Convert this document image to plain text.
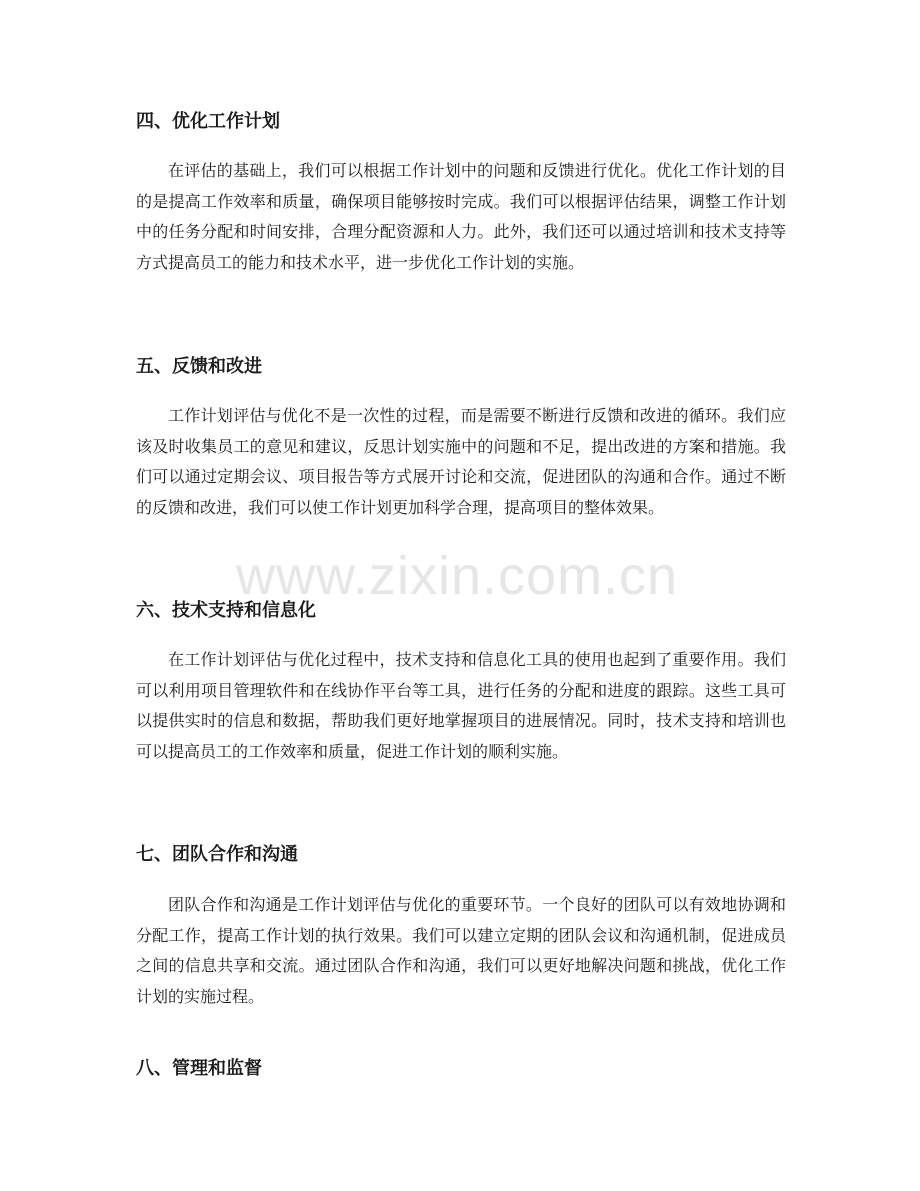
www.zixin.com.cn
四、优化工作计划

在评估的基础上，我们可以根据工作计划中的问题和反馈进行优化。优化工作计划的目的是提高工作效率和质量，确保项目能够按时完成。我们可以根据评估结果，调整工作计划中的任务分配和时间安排，合理分配资源和人力。此外，我们还可以通过培训和技术支持等方式提高员工的能力和技术水平，进一步优化工作计划的实施。

五、反馈和改进

工作计划评估与优化不是一次性的过程，而是需要不断进行反馈和改进的循环。我们应该及时收集员工的意见和建议，反思计划实施中的问题和不足，提出改进的方案和措施。我们可以通过定期会议、项目报告等方式展开讨论和交流，促进团队的沟通和合作。通过不断的反馈和改进，我们可以使工作计划更加科学合理，提高项目的整体效果。

六、技术支持和信息化

在工作计划评估与优化过程中，技术支持和信息化工具的使用也起到了重要作用。我们可以利用项目管理软件和在线协作平台等工具，进行任务的分配和进度的跟踪。这些工具可以提供实时的信息和数据，帮助我们更好地掌握项目的进展情况。同时，技术支持和培训也可以提高员工的工作效率和质量，促进工作计划的顺利实施。

七、团队合作和沟通

团队合作和沟通是工作计划评估与优化的重要环节。一个良好的团队可以有效地协调和分配工作，提高工作计划的执行效果。我们可以建立定期的团队会议和沟通机制，促进成员之间的信息共享和交流。通过团队合作和沟通，我们可以更好地解决问题和挑战，优化工作计划的实施过程。

八、管理和监督
